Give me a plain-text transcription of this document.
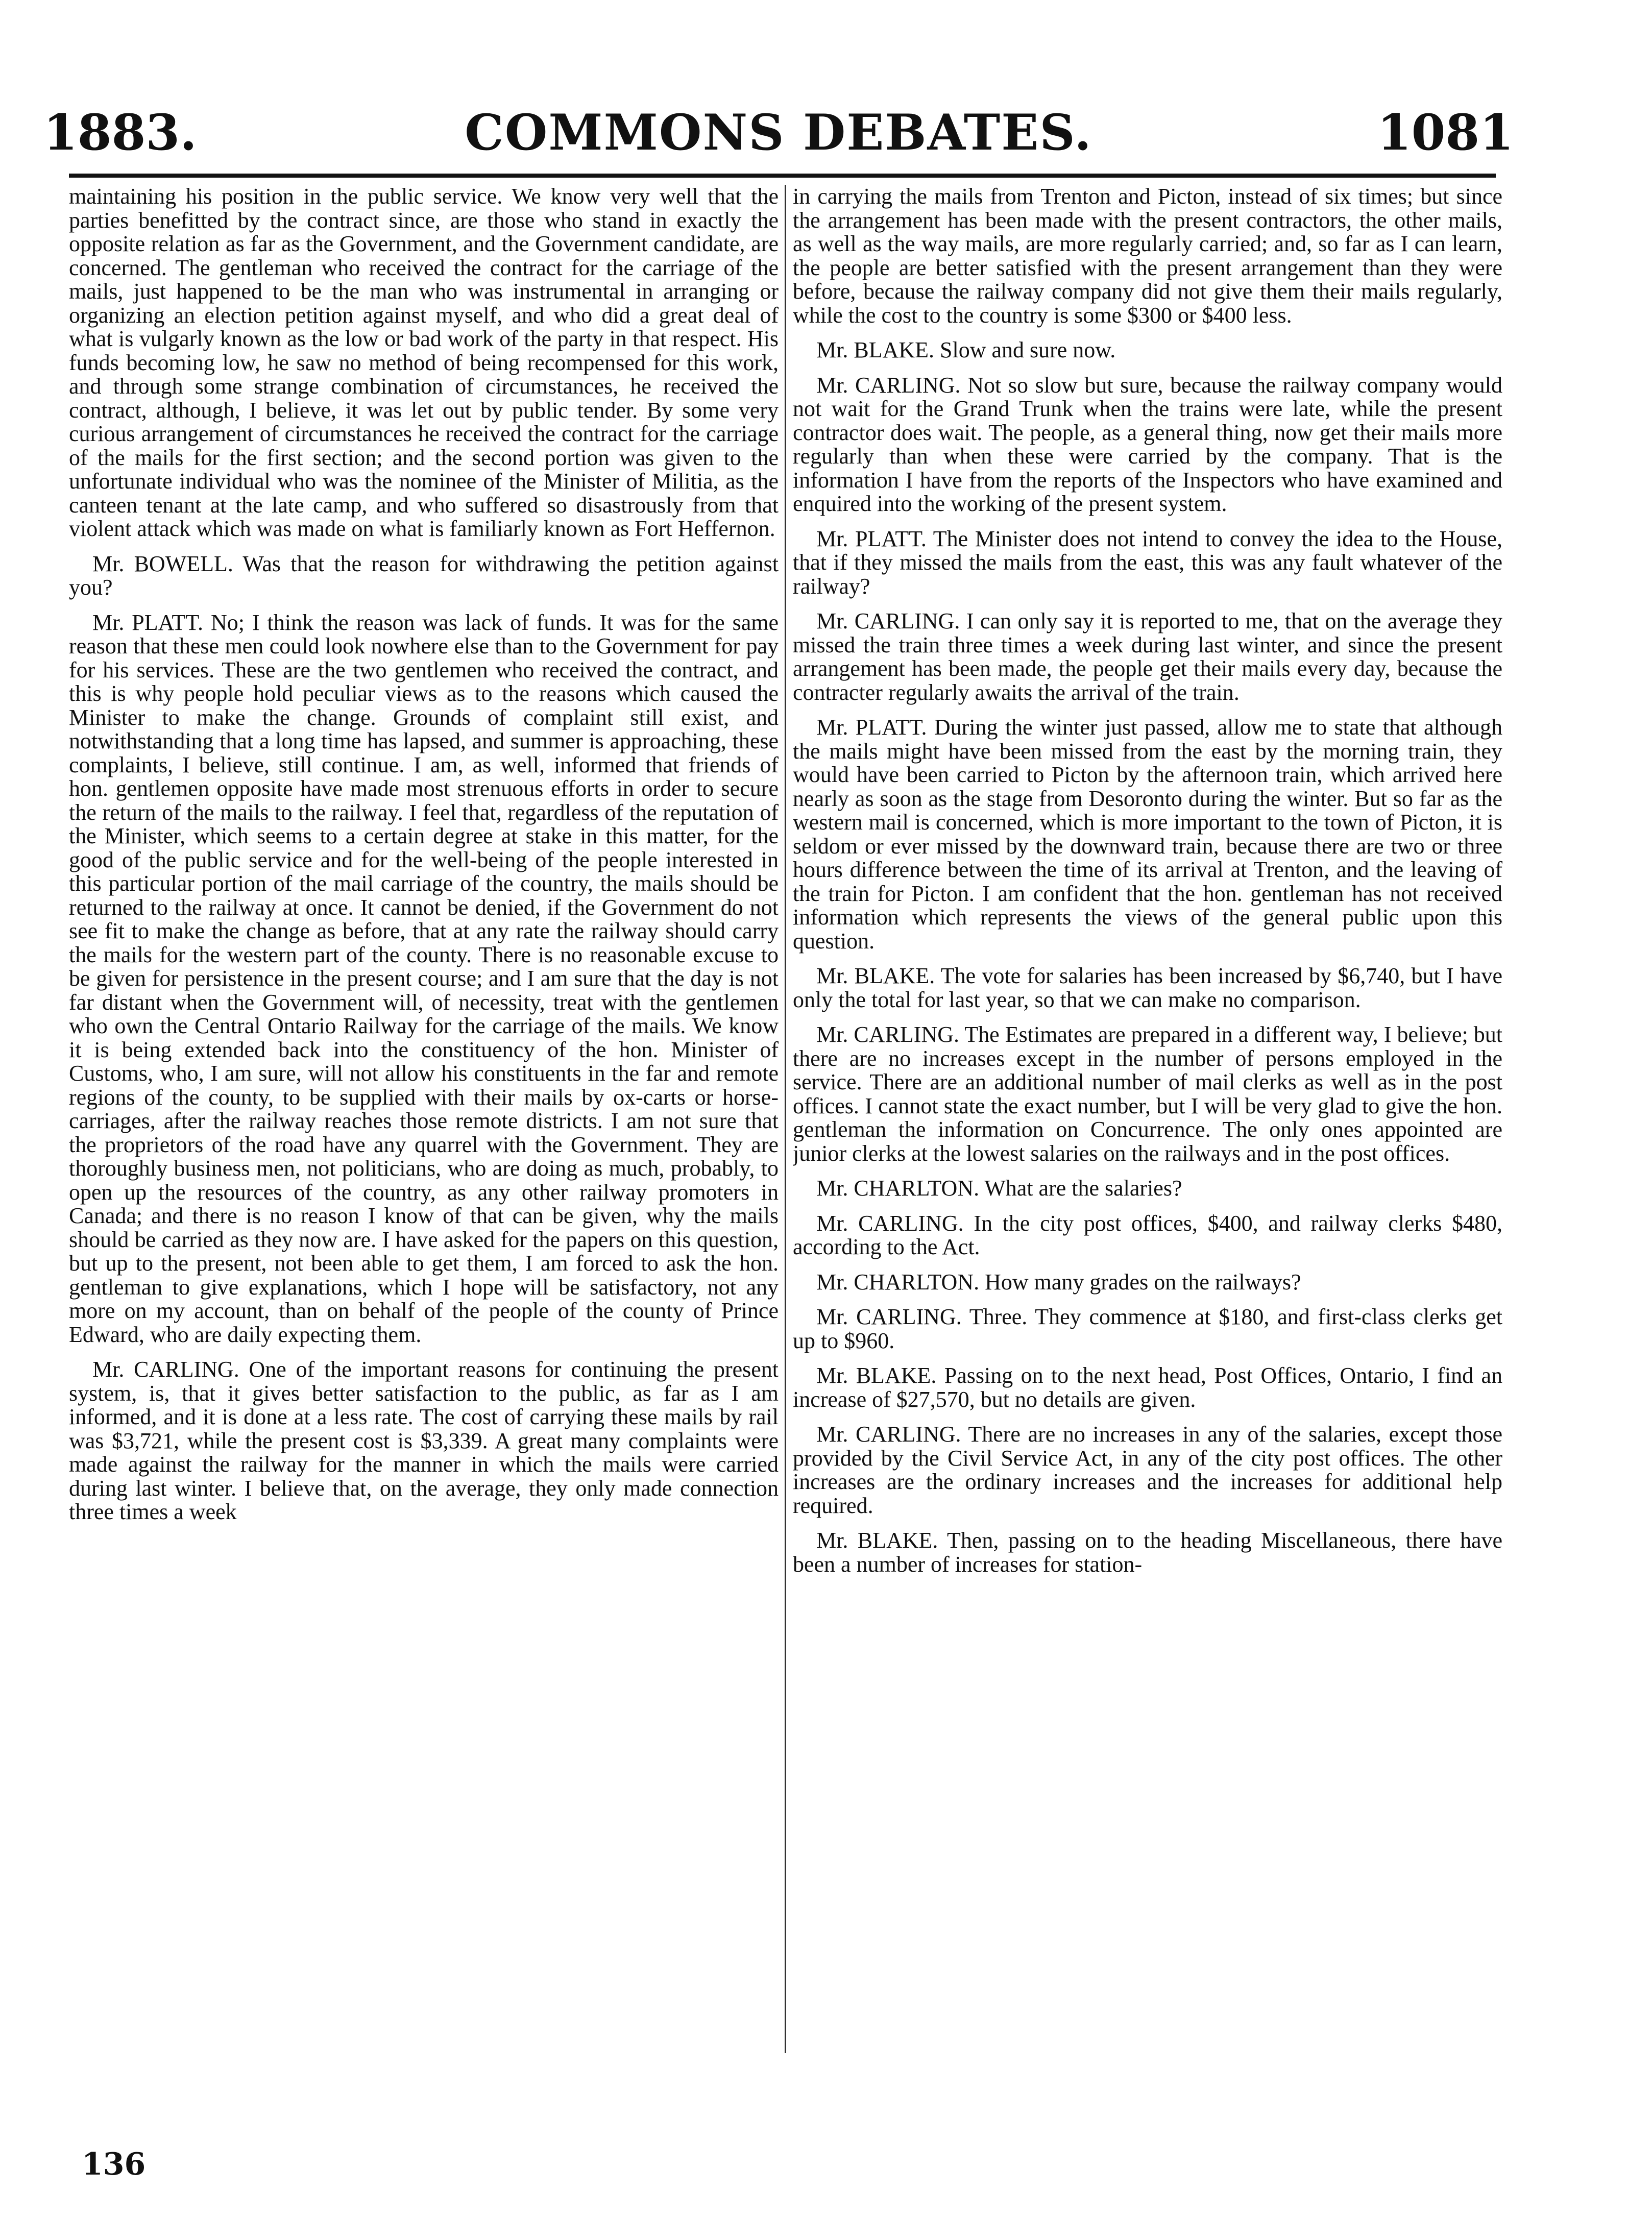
COMMONS DEBATES.
1883.	1081

maintaining his position in the public service. We know very well that the parties benefitted by the contract since, are those who stand in exactly the opposite relation as far as the Government, and the Government candidate, are concerned. The gentleman who received the contract for the carriage of the mails, just happened to be the man who was instrumental in arranging or organizing an election petition against myself, and who did a great deal of what is vulgarly known as the low or bad work of the party in that respect. His funds becoming low, he saw no method of being recompensed for this work, and through some strange combination of circumstances, he received the contract, although, I believe, it was let out by public tender. By some very curious arrangement of circumstances he received the contract for the carriage of the mails for the first section; and the second portion was given to the unfortunate individual who was the nominee of the Minister of Militia, as the canteen tenant at the late camp, and who suffered so disastrously from that violent attack which was made on what is familiarly known as Fort Heffernon.

Mr. BOWELL. Was that the reason for withdrawing the petition against you?

Mr. PLATT. No; I think the reason was lack of funds. It was for the same reason that these men could look nowhere else than to the Government for pay for his services. These are the two gentlemen who received the contract, and this is why people hold peculiar views as to the reasons which caused the Minister to make the change. Grounds of complaint still exist, and notwithstanding that a long time has lapsed, and summer is approaching, these complaints, I believe, still continue. I am, as well, informed that friends of hon. gentlemen opposite have made most strenuous efforts in order to secure the return of the mails to the railway. I feel that, regardless of the reputation of the Minister, which seems to a certain degree at stake in this matter, for the good of the public service and for the well-being of the people interested in this particular portion of the mail carriage of the country, the mails should be returned to the railway at once. It cannot be denied, if the Government do not see fit to make the change as before, that at any rate the railway should carry the mails for the western part of the county. There is no reasonable excuse to be given for persistence in the present course; and I am sure that the day is not far distant when the Government will, of necessity, treat with the gentlemen who own the Central Ontario Railway for the carriage of the mails. We know it is being extended back into the constituency of the hon. Minister of Customs, who, I am sure, will not allow his constituents in the far and remote regions of the county, to be supplied with their mails by ox-carts or horse-carriages, after the railway reaches those remote districts. I am not sure that the proprietors of the road have any quarrel with the Government. They are thoroughly business men, not politicians, who are doing as much, probably, to open up the resources of the country, as any other railway promoters in Canada; and there is no reason I know of that can be given, why the mails should be carried as they now are. I have asked for the papers on this question, but up to the present, not been able to get them, I am forced to ask the hon. gentleman to give explanations, which I hope will be satisfactory, not any more on my account, than on behalf of the people of the county of Prince Edward, who are daily expecting them.

Mr. CARLING. One of the important reasons for continuing the present system, is, that it gives better satisfaction to the public, as far as I am informed, and it is done at a less rate. The cost of carrying these mails by rail was $3,721, while the present cost is $3,339. A great many complaints were made against the railway for the manner in which the mails were carried during last winter. I believe that, on the average, they only made connection three times a week

in carrying the mails from Trenton and Picton, instead of six times; but since the arrangement has been made with the present contractors, the other mails, as well as the way mails, are more regularly carried; and, so far as I can learn, the people are better satisfied with the present arrangement than they were before, because the railway company did not give them their mails regularly, while the cost to the country is some $300 or $400 less.

Mr. BLAKE. Slow and sure now.

Mr. CARLING. Not so slow but sure, because the railway company would not wait for the Grand Trunk when the trains were late, while the present contractor does wait. The people, as a general thing, now get their mails more regularly than when these were carried by the company. That is the information I have from the reports of the Inspectors who have examined and enquired into the working of the present system.

Mr. PLATT. The Minister does not intend to convey the idea to the House, that if they missed the mails from the east, this was any fault whatever of the railway?

Mr. CARLING. I can only say it is reported to me, that on the average they missed the train three times a week during last winter, and since the present arrangement has been made, the people get their mails every day, because the contracter regularly awaits the arrival of the train.

Mr. PLATT. During the winter just passed, allow me to state that although the mails might have been missed from the east by the morning train, they would have been carried to Picton by the afternoon train, which arrived here nearly as soon as the stage from Desoronto during the winter. But so far as the western mail is concerned, which is more important to the town of Picton, it is seldom or ever missed by the downward train, because there are two or three hours difference between the time of its arrival at Trenton, and the leaving of the train for Picton. I am confident that the hon. gentleman has not received information which represents the views of the general public upon this question.

Mr. BLAKE. The vote for salaries has been increased by $6,740, but I have only the total for last year, so that we can make no comparison.

Mr. CARLING. The Estimates are prepared in a different way, I believe; but there are no increases except in the number of persons employed in the service. There are an additional number of mail clerks as well as in the post offices. I cannot state the exact number, but I will be very glad to give the hon. gentleman the information on Concurrence. The only ones appointed are junior clerks at the lowest salaries on the railways and in the post offices.

Mr. CHARLTON. What are the salaries?

Mr. CARLING. In the city post offices, $400, and railway clerks $480, according to the Act.

Mr. CHARLTON. How many grades on the railways?

Mr. CARLING. Three. They commence at $180, and first-class clerks get up to $960.

Mr. BLAKE. Passing on to the next head, Post Offices, Ontario, I find an increase of $27,570, but no details are given.

Mr. CARLING. There are no increases in any of the salaries, except those provided by the Civil Service Act, in any of the city post offices. The other increases are the ordinary increases and the increases for additional help required.

Mr. BLAKE. Then, passing on to the heading Miscellaneous, there have been a number of increases for station-

136
